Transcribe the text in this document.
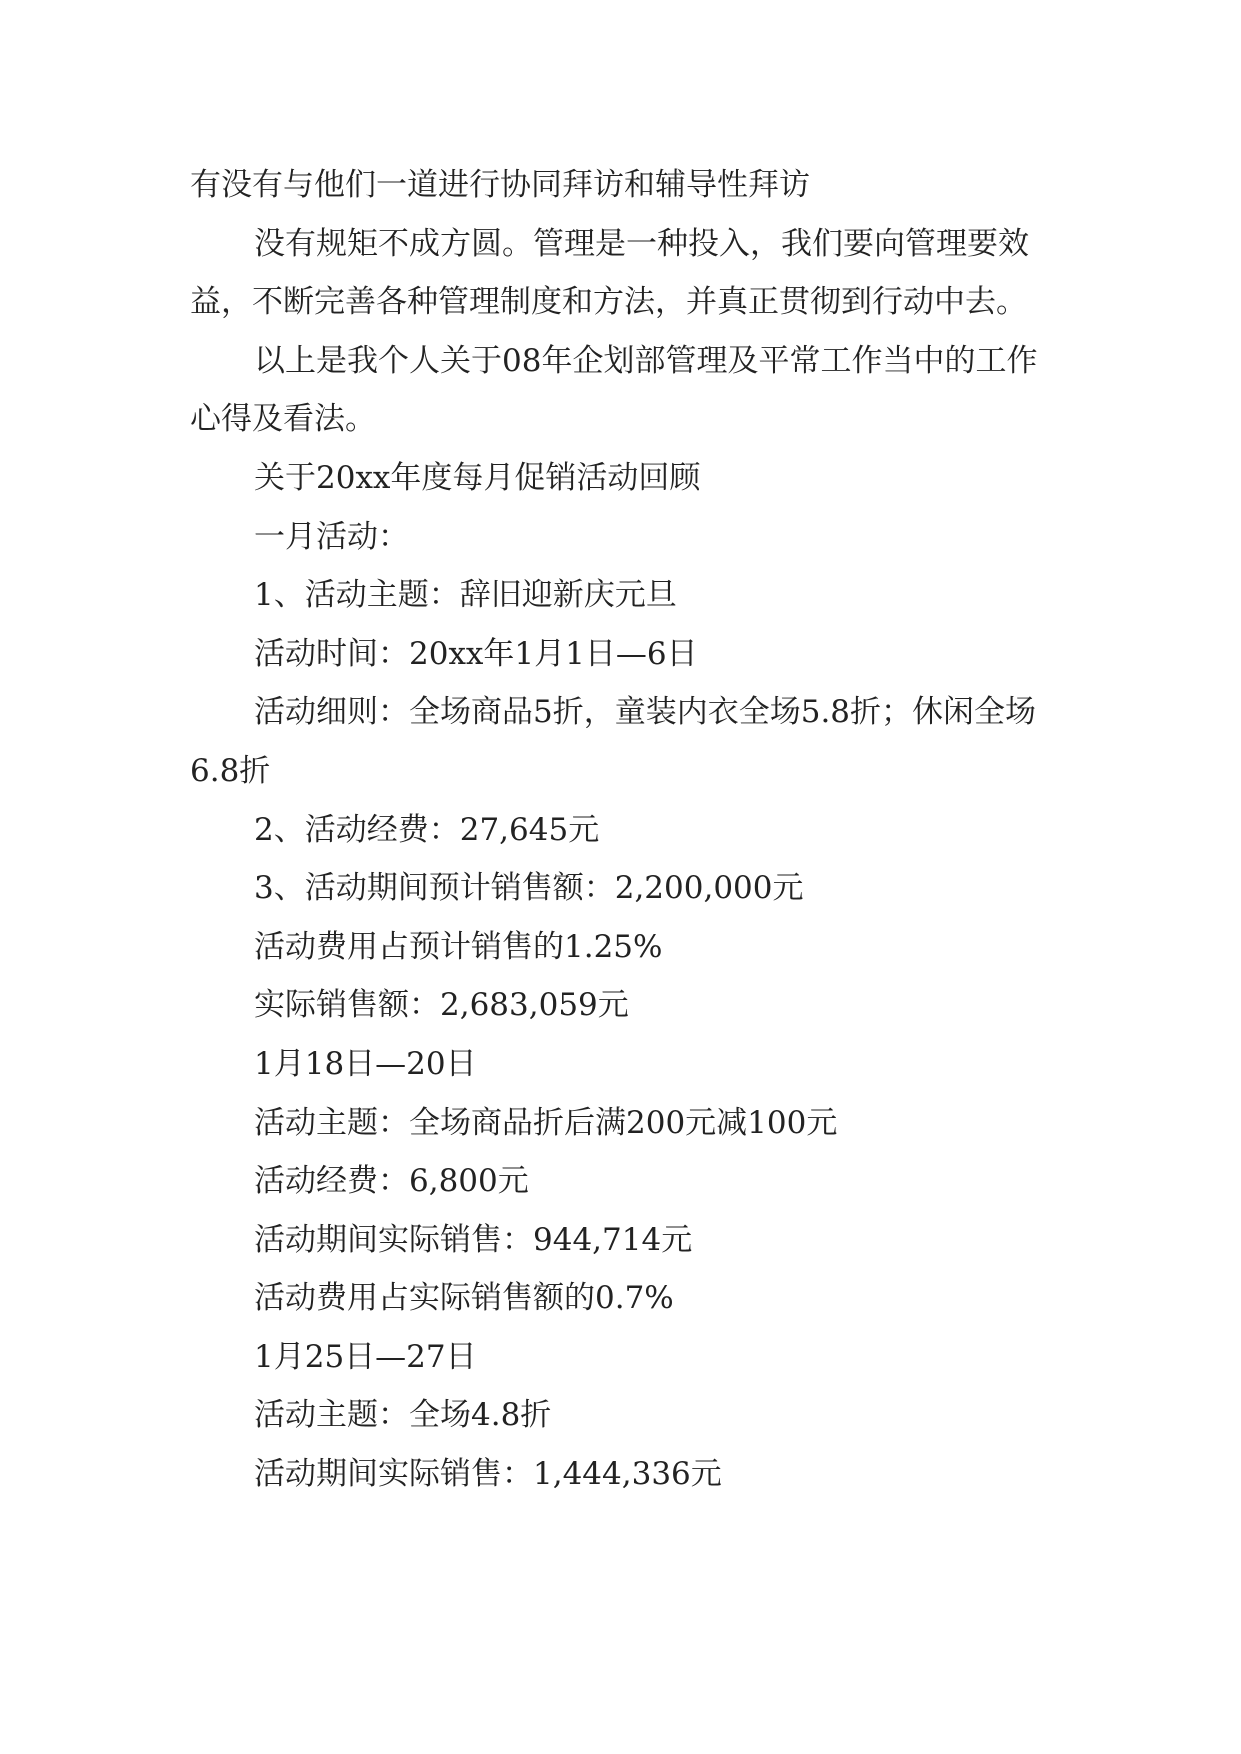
有没有与他们一道进行协同拜访和辅导性拜访

没有规矩不成方圆。管理是一种投入，我们要向管理要效益，不断完善各种管理制度和方法，并真正贯彻到行动中去。

以上是我个人关于08年企划部管理及平常工作当中的工作心得及看法。

关于20xx年度每月促销活动回顾

一月活动：

1、活动主题：辞旧迎新庆元旦

活动时间：20xx年1月1日—6日

活动细则：全场商品5折，童装内衣全场5.8折；休闲全场6.8折

2、活动经费：27,645元

3、活动期间预计销售额：2,200,000元

活动费用占预计销售的1.25%

实际销售额：2,683,059元

1月18日—20日

活动主题：全场商品折后满200元减100元

活动经费：6,800元

活动期间实际销售：944,714元

活动费用占实际销售额的0.7%

1月25日—27日

活动主题：全场4.8折

活动期间实际销售：1,444,336元
